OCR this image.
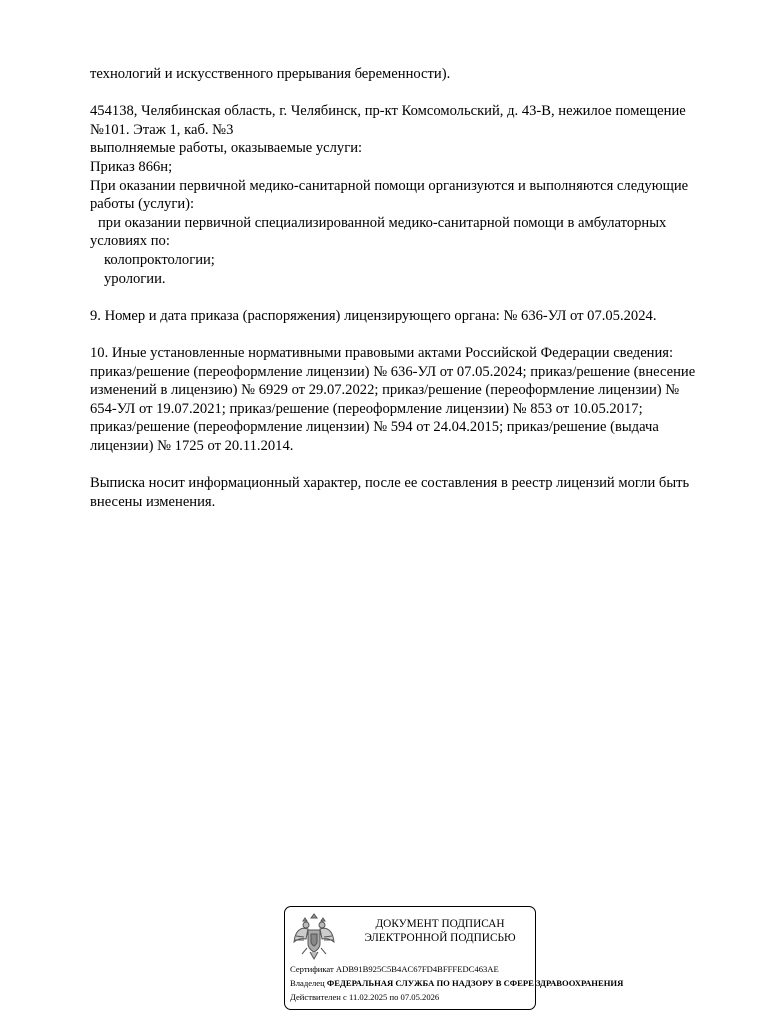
технологий и искусственного прерывания беременности).
454138, Челябинская область, г. Челябинск, пр-кт Комсомольский, д. 43-В, нежилое помещение
№101. Этаж 1, каб. №3
выполняемые работы, оказываемые услуги:
Приказ 866н;
При оказании первичной медико-санитарной помощи организуются и выполняются следующие
работы (услуги):
при оказании первичной специализированной медико-санитарной помощи в амбулаторных
условиях по:
колопроктологии;
урологии.
9. Номер и дата приказа (распоряжения) лицензирующего органа: № 636-УЛ от 07.05.2024.
10. Иные установленные нормативными правовыми актами Российской Федерации сведения:
приказ/решение (переоформление лицензии) № 636-УЛ от 07.05.2024; приказ/решение (внесение
изменений в лицензию) № 6929 от 29.07.2022; приказ/решение (переоформление лицензии) №
654-УЛ от 19.07.2021; приказ/решение (переоформление лицензии) № 853 от 10.05.2017;
приказ/решение (переоформление лицензии) № 594 от 24.04.2015; приказ/решение (выдача
лицензии) № 1725 от 20.11.2014.
Выписка носит информационный характер, после ее составления в реестр лицензий могли быть
внесены изменения.
ДОКУМЕНТ ПОДПИСАН
ЭЛЕКТРОННОЙ ПОДПИСЬЮ
Сертификат ADB91B925C5B4AC67FD4BFFFEDC463AE
Владелец ФЕДЕРАЛЬНАЯ СЛУЖБА ПО НАДЗОРУ В СФЕРЕ ЗДРАВООХРАНЕНИЯ
Действителен с 11.02.2025 по 07.05.2026
